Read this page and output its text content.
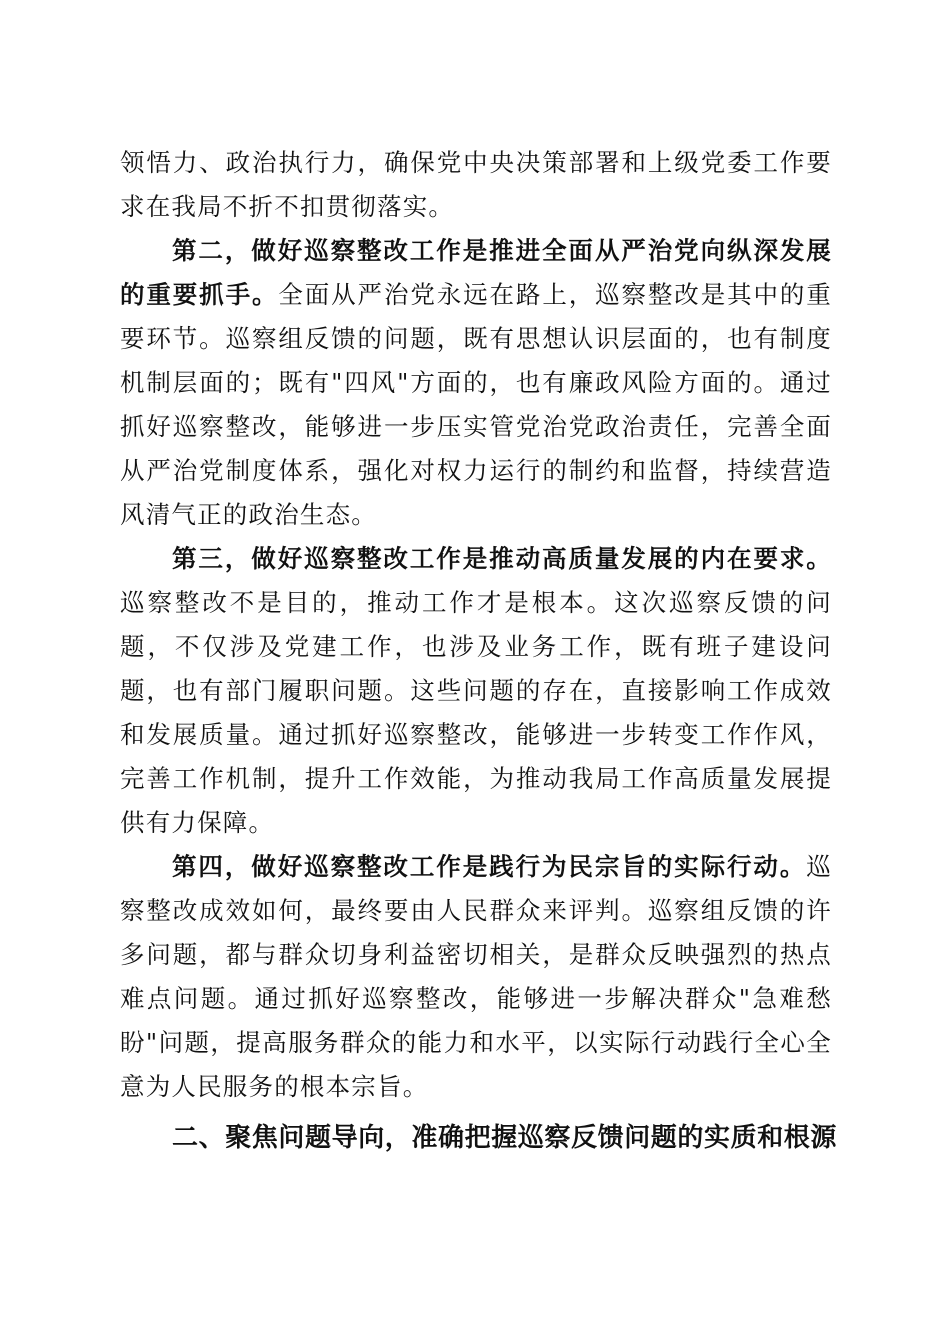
领悟力、政治执行力，确保党中央决策部署和上级党委工作要求在我局不折不扣贯彻落实。

第二，做好巡察整改工作是推进全面从严治党向纵深发展的重要抓手。全面从严治党永远在路上，巡察整改是其中的重要环节。巡察组反馈的问题，既有思想认识层面的，也有制度机制层面的；既有"四风"方面的，也有廉政风险方面的。通过抓好巡察整改，能够进一步压实管党治党政治责任，完善全面从严治党制度体系，强化对权力运行的制约和监督，持续营造风清气正的政治生态。

第三，做好巡察整改工作是推动高质量发展的内在要求。巡察整改不是目的，推动工作才是根本。这次巡察反馈的问题，不仅涉及党建工作，也涉及业务工作，既有班子建设问题，也有部门履职问题。这些问题的存在，直接影响工作成效和发展质量。通过抓好巡察整改，能够进一步转变工作作风，完善工作机制，提升工作效能，为推动我局工作高质量发展提供有力保障。

第四，做好巡察整改工作是践行为民宗旨的实际行动。巡察整改成效如何，最终要由人民群众来评判。巡察组反馈的许多问题，都与群众切身利益密切相关，是群众反映强烈的热点难点问题。通过抓好巡察整改，能够进一步解决群众"急难愁盼"问题，提高服务群众的能力和水平，以实际行动践行全心全意为人民服务的根本宗旨。

二、聚焦问题导向，准确把握巡察反馈问题的实质和根源
